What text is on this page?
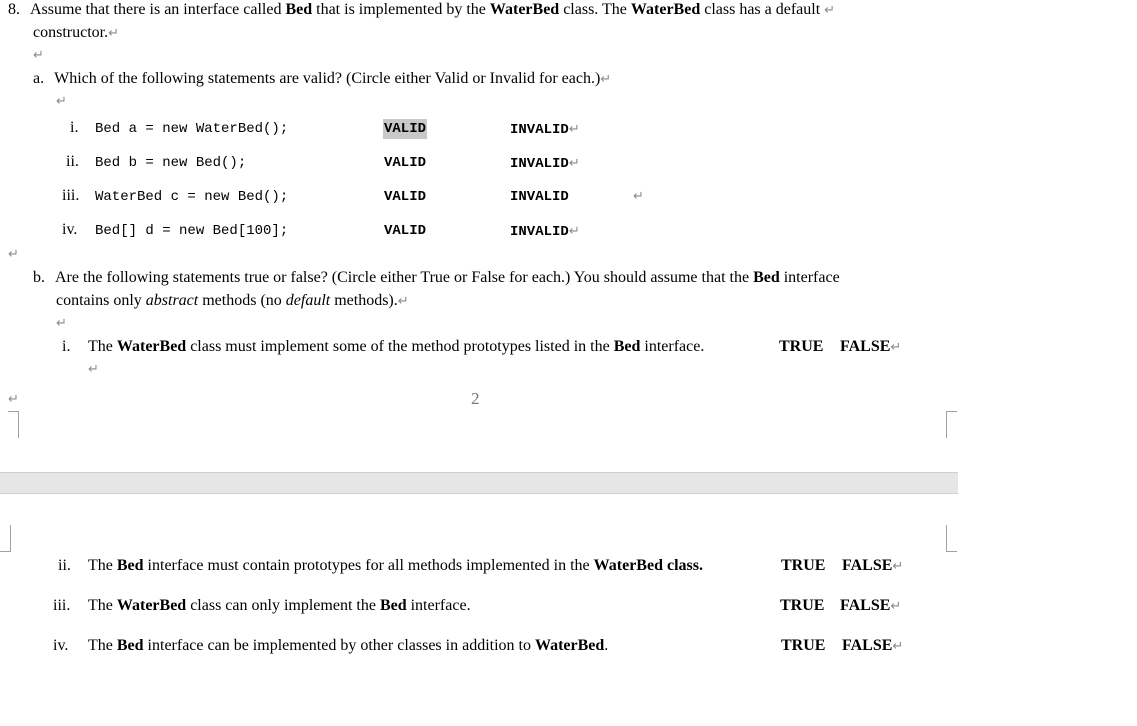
8. Assume that there is an interface called Bed that is implemented by the WaterBed class. The WaterBed class has a default ↵
constructor.↵
↵
a. Which of the following statements are valid? (Circle either Valid or Invalid for each.)↵
↵
i. Bed a = new WaterBed();	VALID	INVALID↵
ii. Bed b = new Bed();	VALID	INVALID↵
iii. WaterBed c = new Bed();	VALID	INVALID	↵
iv. Bed[] d = new Bed[100];	VALID	INVALID↵
↵
b. Are the following statements true or false? (Circle either True or False for each.) You should assume that the Bed interface
contains only abstract methods (no default methods).↵
↵
i. The WaterBed class must implement some of the method prototypes listed in the Bed interface.	TRUE FALSE↵
↵
↵	2
ii. The Bed interface must contain prototypes for all methods implemented in the WaterBed class.	TRUE FALSE↵
iii. The WaterBed class can only implement the Bed interface.	TRUE FALSE↵
iv. The Bed interface can be implemented by other classes in addition to WaterBed.	TRUE FALSE↵
